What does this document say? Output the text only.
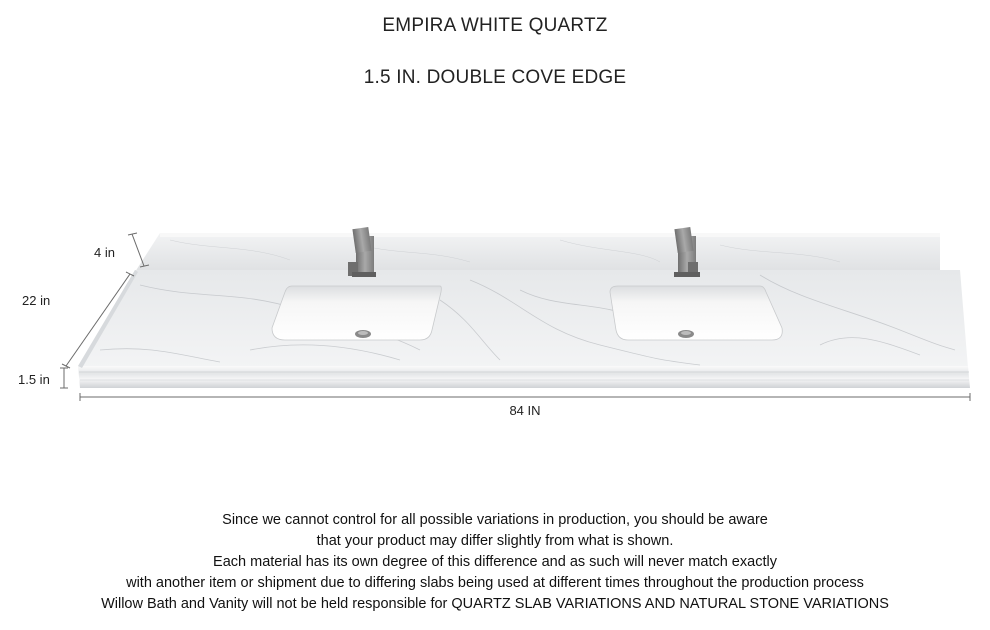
EMPIRA WHITE QUARTZ
1.5 IN. DOUBLE COVE EDGE
4 in
22 in
1.5 in
84 IN
Since we cannot control for all possible variations in production, you should be aware
that your product may differ slightly from what is shown.
Each material has its own degree of this difference and as such will never match exactly
with another item or shipment due to differing slabs being used at different times throughout the production process
Willow Bath and Vanity will not be held responsible for QUARTZ SLAB VARIATIONS AND NATURAL STONE VARIATIONS
